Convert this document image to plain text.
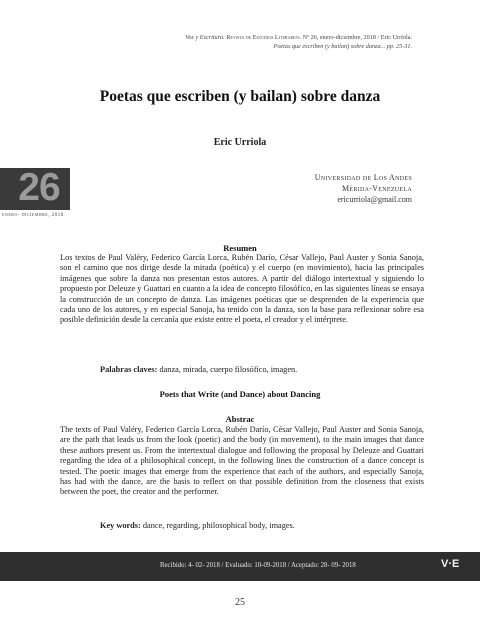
Voz y Escritura. Revista de Estudios Literarios. Nº 26, enero-diciembre, 2018 / Eric Urriola.
Poetas que escriben (y bailan) sobre danza... pp. 25-31.
Poetas que escriben (y bailan) sobre danza
Eric Urriola
26
enero- diciembre, 2018
Universidad de Los Andes
Mérida-Venezuela
ericurriola@gmail.com
Resumen
Los textos de Paul Valéry, Federico García Lorca, Rubén Darío, César Vallejo, Paul Auster y Sonia Sanoja, son el camino que nos dirige desde la mirada (poética) y el cuerpo (en movimiento), hacia las principales imágenes que sobre la danza nos presentan estos autores. A partir del diálogo intertextual y siguiendo lo propuesto por Deleuze y Guattari en cuanto a la idea de concepto filosófico, en las siguientes líneas se ensaya la construcción de un concepto de danza. Las imágenes poéticas que se desprenden de la experiencia que cada uno de los autores, y en especial Sanoja, ha tenido con la danza, son la base para reflexionar sobre esa posible definición desde la cercanía que existe entre el poeta, el creador y el intérprete.
Palabras claves: danza, mirada, cuerpo filosófico, imagen.
Poets that Write (and Dance) about Dancing
Abstrac
The texts of Paul Valéry, Federico García Lorca, Rubén Darío, César Vallejo, Paul Auster and Sonia Sanoja, are the path that leads us from the look (poetic) and the body (in movement), to the main images that dance these authors present us. From the intertextual dialogue and following the proposal by Deleuze and Guattari regarding the idea of a philosophical concept, in the following lines the construction of a dance concept is tested. The poetic images that emerge from the experience that each of the authors, and especially Sanoja, has had with the dance, are the basis to reflect on that possible definition from the closeness that exists between the poet, the creator and the performer.
Key words: dance, regarding, philosophical body, images.
Recibido: 4- 02- 2018 / Evaluado: 10-09-2018 / Aceptado: 28- 09- 2018	V·E
25
